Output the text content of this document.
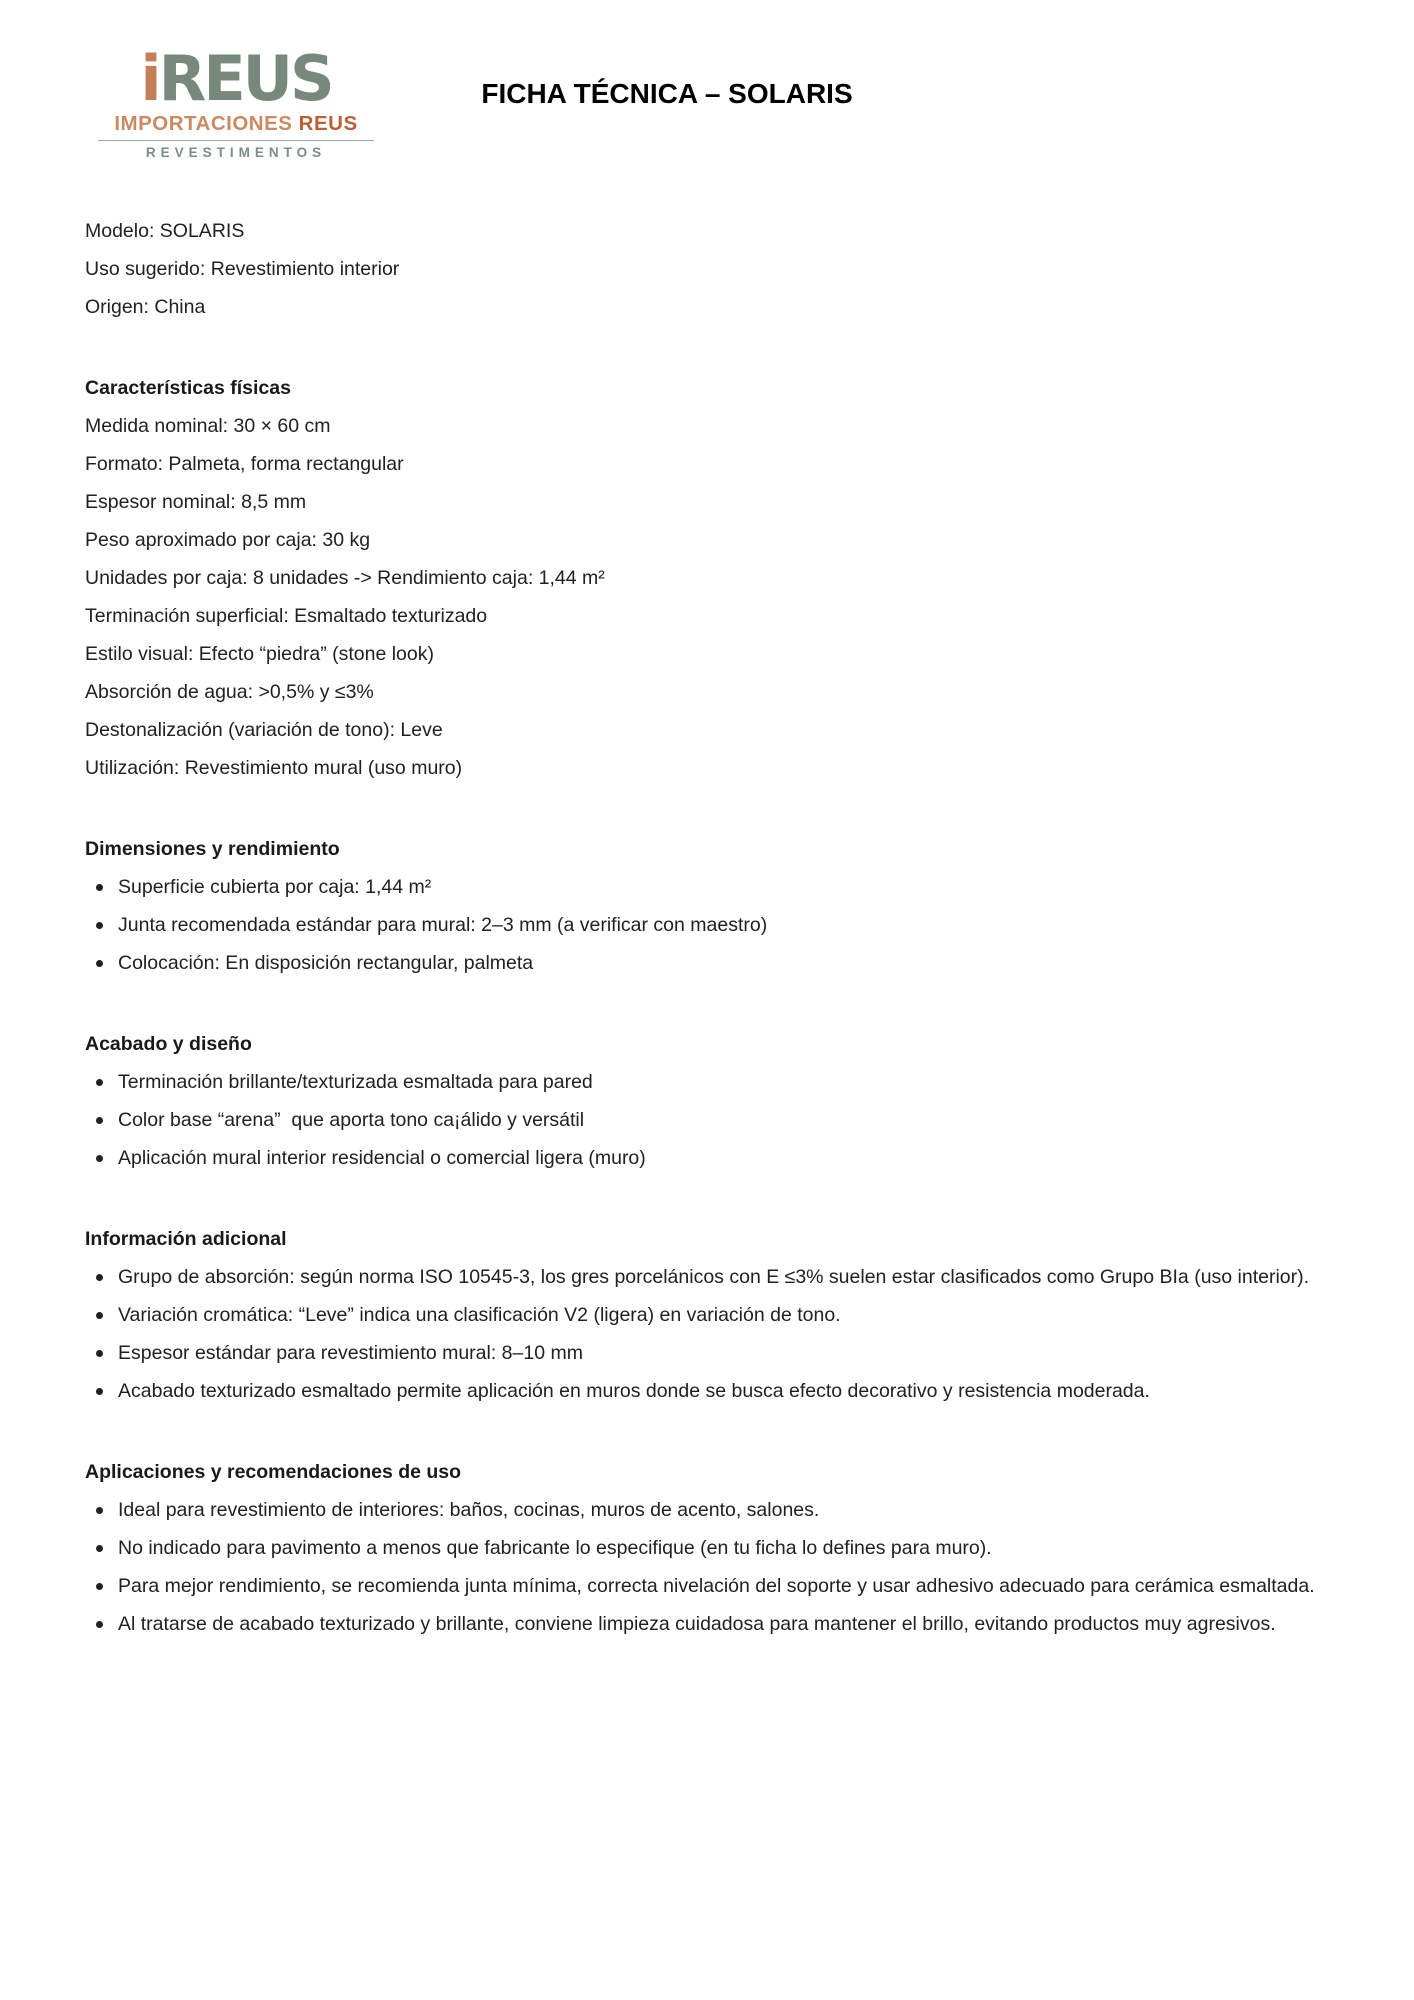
iREUS
IMPORTACIONES REUS
REVESTIMENTOS
FICHA TÉCNICA – SOLARIS
Modelo: SOLARIS
Uso sugerido: Revestimiento interior
Origen: China
Características físicas
Medida nominal: 30 × 60 cm
Formato: Palmeta, forma rectangular
Espesor nominal: 8,5 mm
Peso aproximado por caja: 30 kg
Unidades por caja: 8 unidades -> Rendimiento caja: 1,44 m²
Terminación superficial: Esmaltado texturizado
Estilo visual: Efecto “piedra” (stone look)
Absorción de agua: >0,5% y ≤3%
Destonalización (variación de tono): Leve
Utilización: Revestimiento mural (uso muro)
Dimensiones y rendimiento
Superficie cubierta por caja: 1,44 m²
Junta recomendada estándar para mural: 2–3 mm (a verificar con maestro)
Colocación: En disposición rectangular, palmeta
Acabado y diseño
Terminación brillante/texturizada esmaltada para pared
Color base “arena”  que aporta tono ca¡álido y versátil
Aplicación mural interior residencial o comercial ligera (muro)
Información adicional
Grupo de absorción: según norma ISO 10545-3, los gres porcelánicos con E ≤3% suelen estar clasificados como Grupo BIa (uso interior).
Variación cromática: “Leve” indica una clasificación V2 (ligera) en variación de tono.
Espesor estándar para revestimiento mural: 8–10 mm
Acabado texturizado esmaltado permite aplicación en muros donde se busca efecto decorativo y resistencia moderada.
Aplicaciones y recomendaciones de uso
Ideal para revestimiento de interiores: baños, cocinas, muros de acento, salones.
No indicado para pavimento a menos que fabricante lo especifique (en tu ficha lo defines para muro).
Para mejor rendimiento, se recomienda junta mínima, correcta nivelación del soporte y usar adhesivo adecuado para cerámica esmaltada.
Al tratarse de acabado texturizado y brillante, conviene limpieza cuidadosa para mantener el brillo, evitando productos muy agresivos.
